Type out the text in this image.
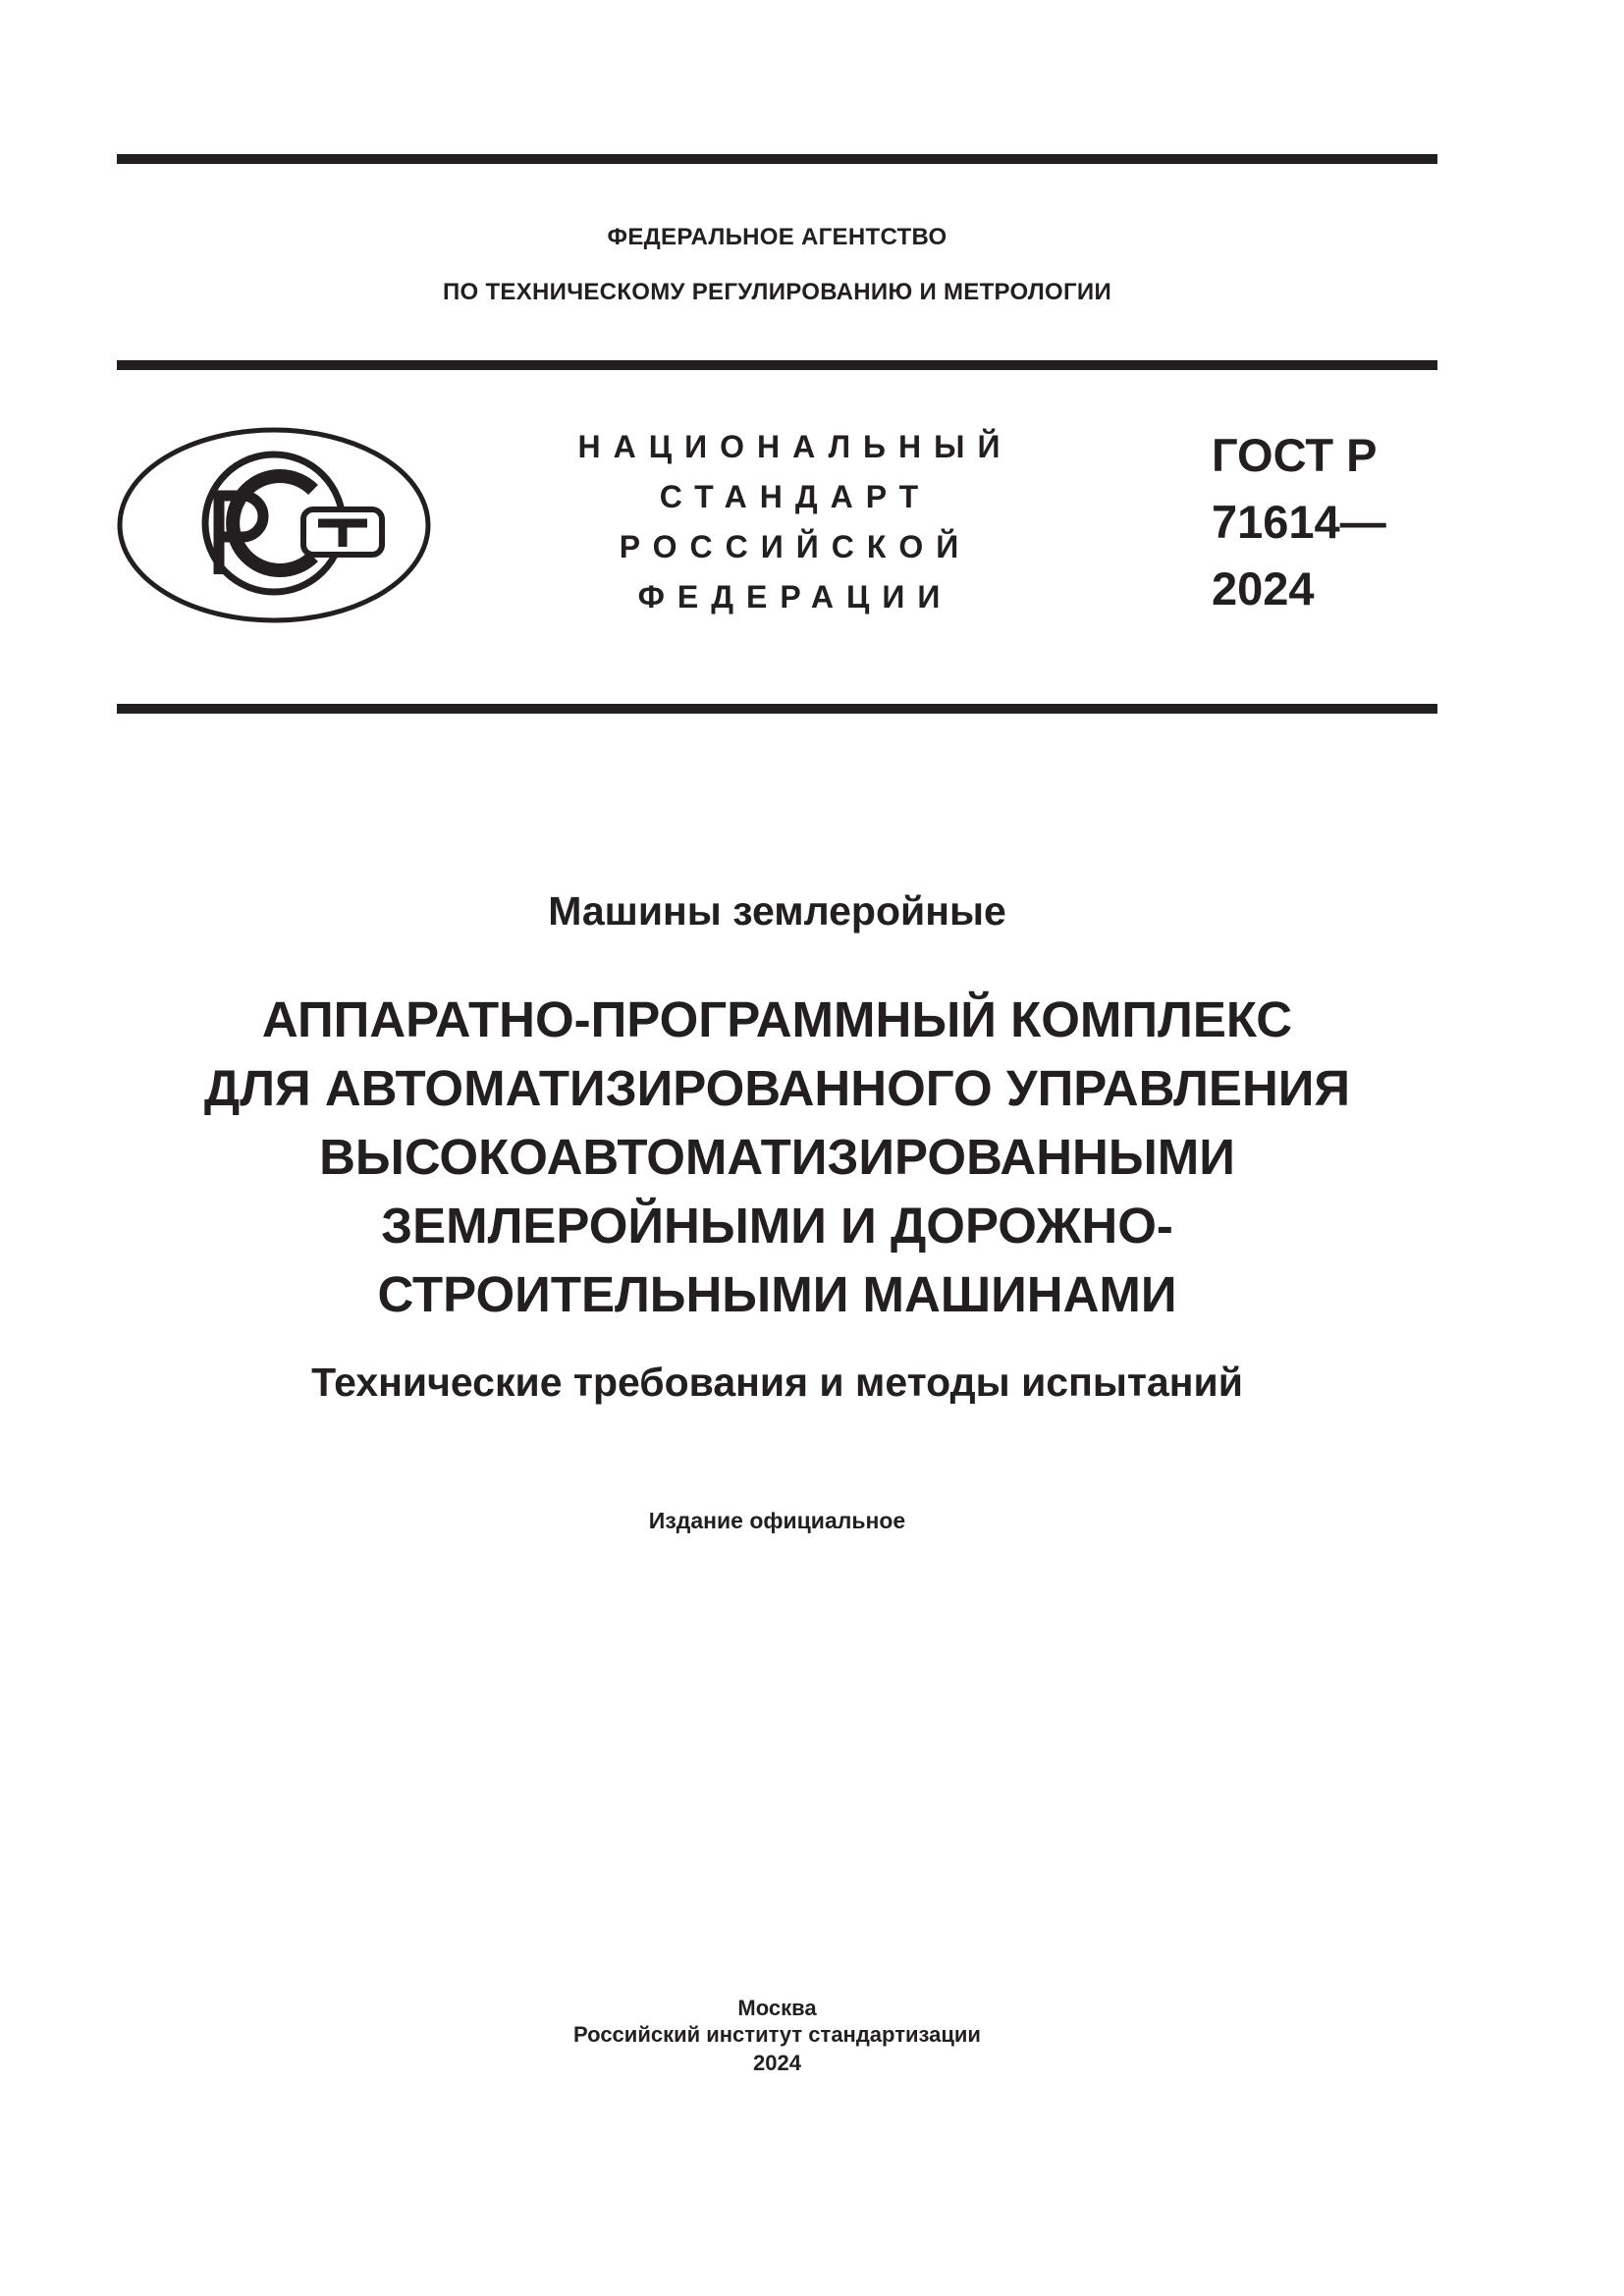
ФЕДЕРАЛЬНОЕ АГЕНТСТВО
ПО ТЕХНИЧЕСКОМУ РЕГУЛИРОВАНИЮ И МЕТРОЛОГИИ
НАЦИОНАЛЬНЫЙ
СТАНДАРТ
РОССИЙСКОЙ
ФЕДЕРАЦИИ
ГОСТ Р
71614—
2024
Машины землеройные
АППАРАТНО-ПРОГРАММНЫЙ КОМПЛЕКС
ДЛЯ АВТОМАТИЗИРОВАННОГО УПРАВЛЕНИЯ
ВЫСОКОАВТОМАТИЗИРОВАННЫМИ
ЗЕМЛЕРОЙНЫМИ И ДОРОЖНО-
СТРОИТЕЛЬНЫМИ МАШИНАМИ
Технические требования и методы испытаний
Издание официальное
Москва
Российский институт стандартизации
2024
